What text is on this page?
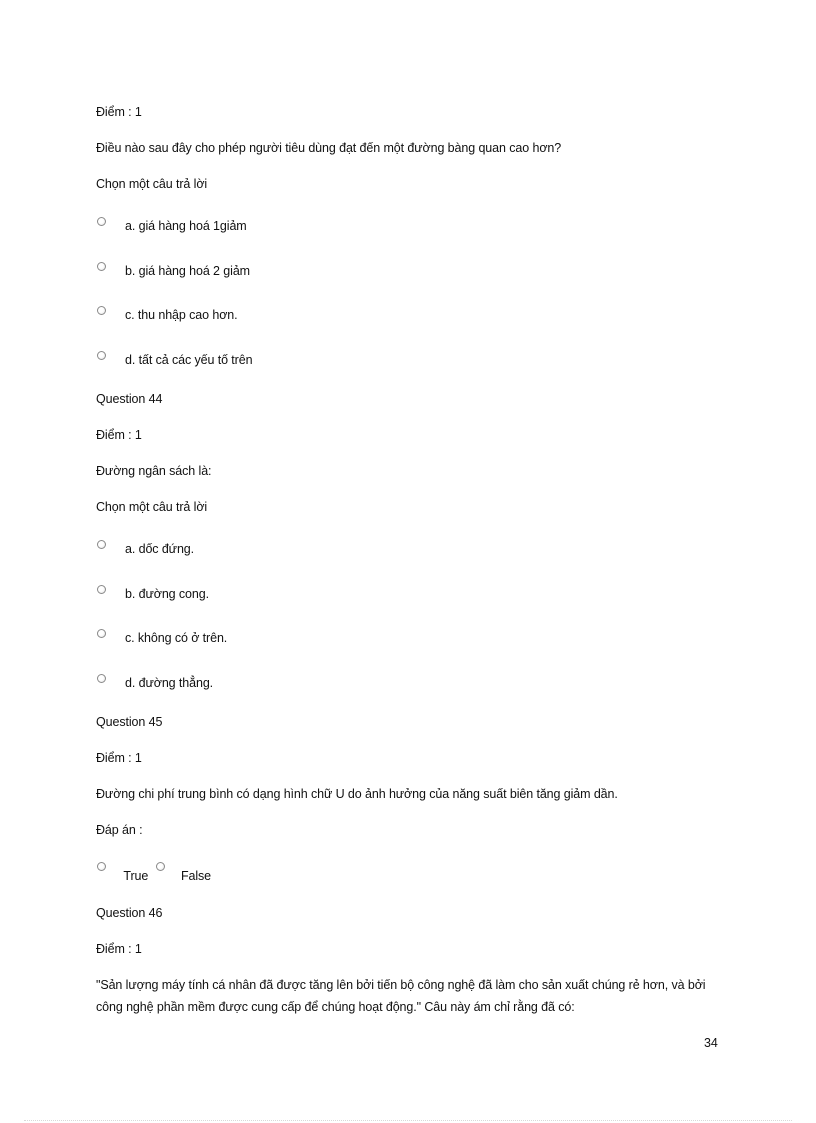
Điểm : 1
Điều nào sau đây cho phép người tiêu dùng đạt đến một đường bàng quan cao hơn?
Chọn một câu trả lời
a. giá hàng hoá 1giảm
b. giá hàng hoá 2 giảm
c. thu nhập cao hơn.
d. tất cả các yếu tố trên
Question 44
Điểm : 1
Đường ngân sách là:
Chọn một câu trả lời
a. dốc đứng.
b. đường cong.
c. không có ở trên.
d. đường thẳng.
Question 45
Điểm : 1
Đường chi phí trung bình có dạng hình chữ U do ảnh hưởng của năng suất biên tăng giảm dần.
Đáp án :
True	False
Question 46
Điểm : 1
"Sản lượng máy tính cá nhân đã được tăng lên bởi tiến bộ công nghệ đã làm cho sản xuất chúng rẻ hơn, và bởi công nghệ phần mềm được cung cấp để chúng hoạt động." Câu này ám chỉ rằng đã có:
34
